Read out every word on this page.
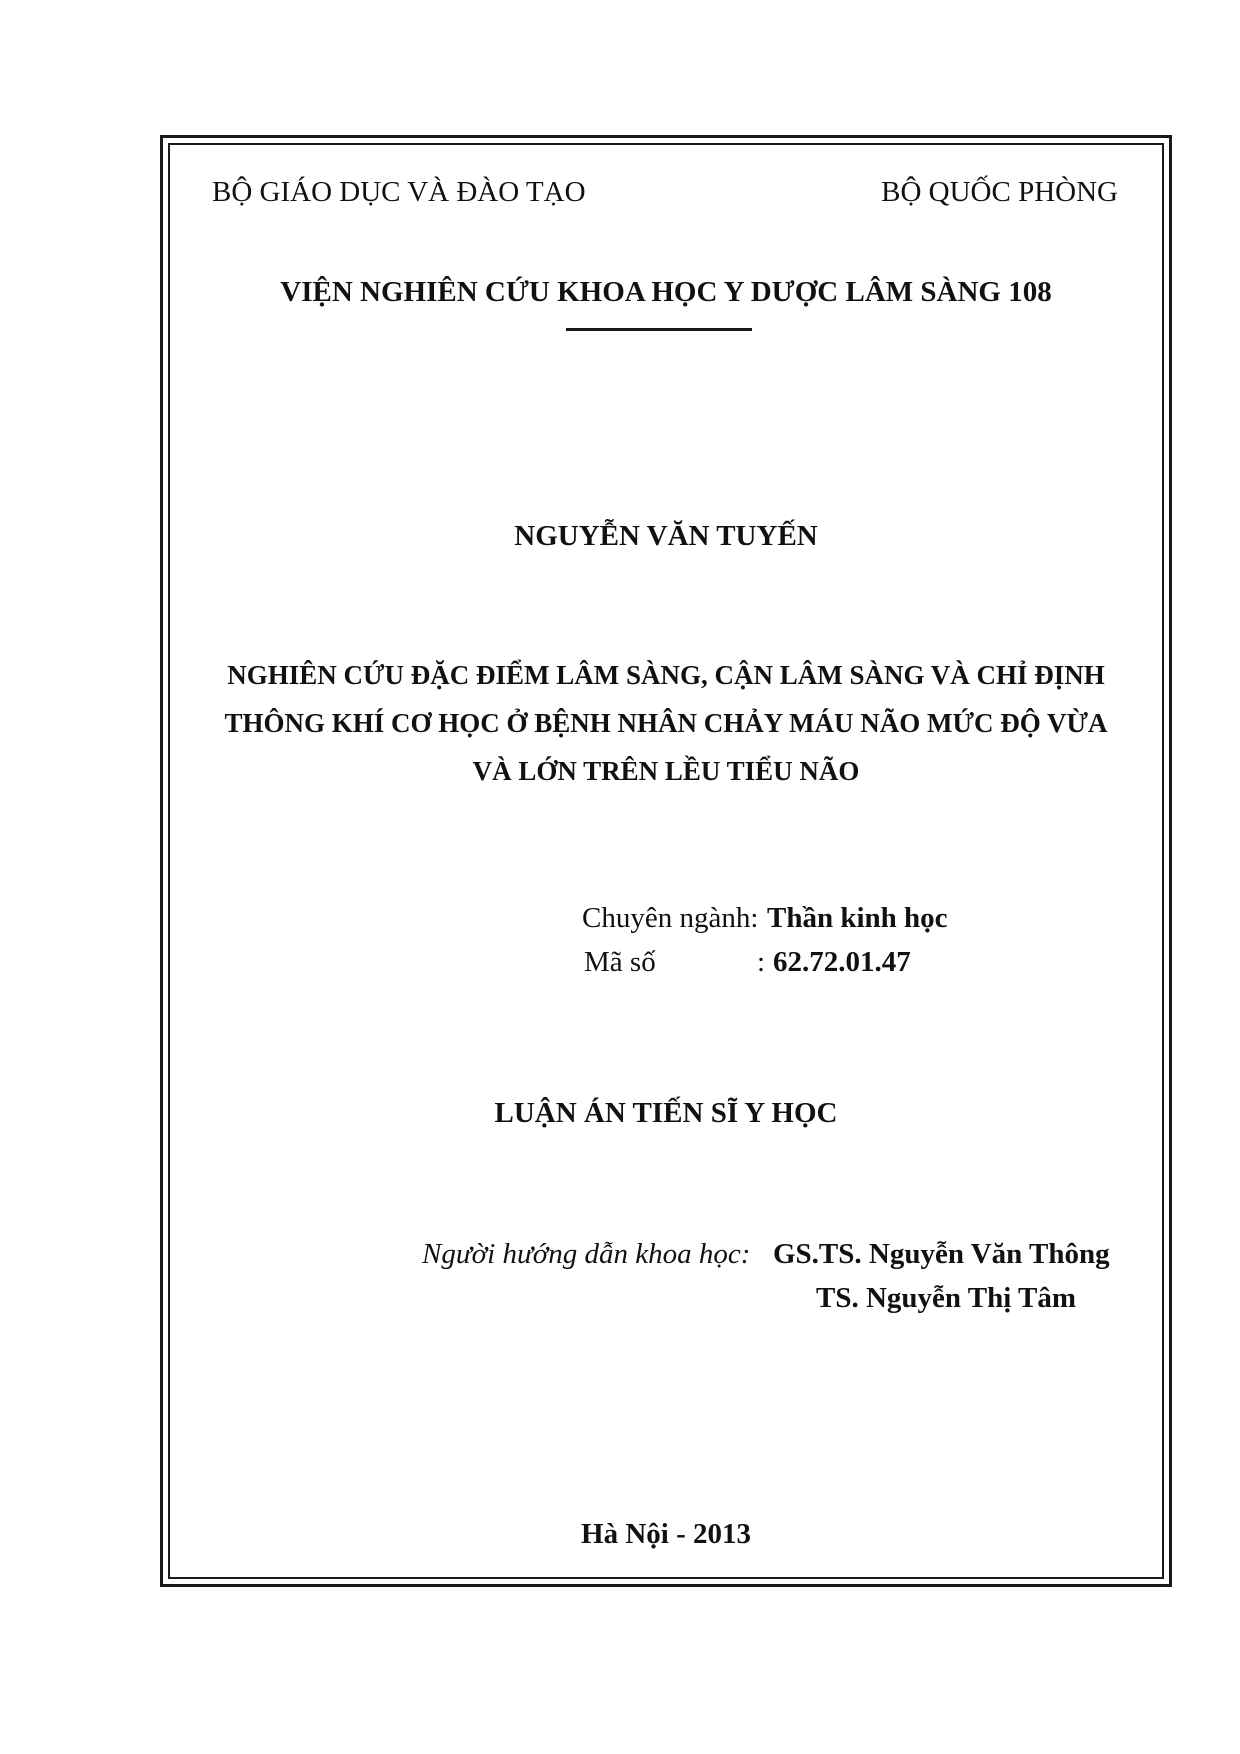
BỘ GIÁO DỤC VÀ ĐÀO TẠO	BỘ QUỐC PHÒNG
VIỆN NGHIÊN CỨU KHOA HỌC Y DƯỢC LÂM SÀNG 108
NGUYỄN VĂN TUYẾN
NGHIÊN CỨU ĐẶC ĐIỂM LÂM SÀNG, CẬN LÂM SÀNG VÀ CHỈ ĐỊNH
THÔNG KHÍ CƠ HỌC Ở BỆNH NHÂN CHẢY MÁU NÃO MỨC ĐỘ VỪA
VÀ LỚN TRÊN LỀU TIỂU NÃO
Chuyên ngành: Thần kinh học
Mã số	: 62.72.01.47
LUẬN ÁN TIẾN SĨ Y HỌC
Người hướng dẫn khoa học: GS.TS. Nguyễn Văn Thông
TS. Nguyễn Thị Tâm
Hà Nội - 2013
